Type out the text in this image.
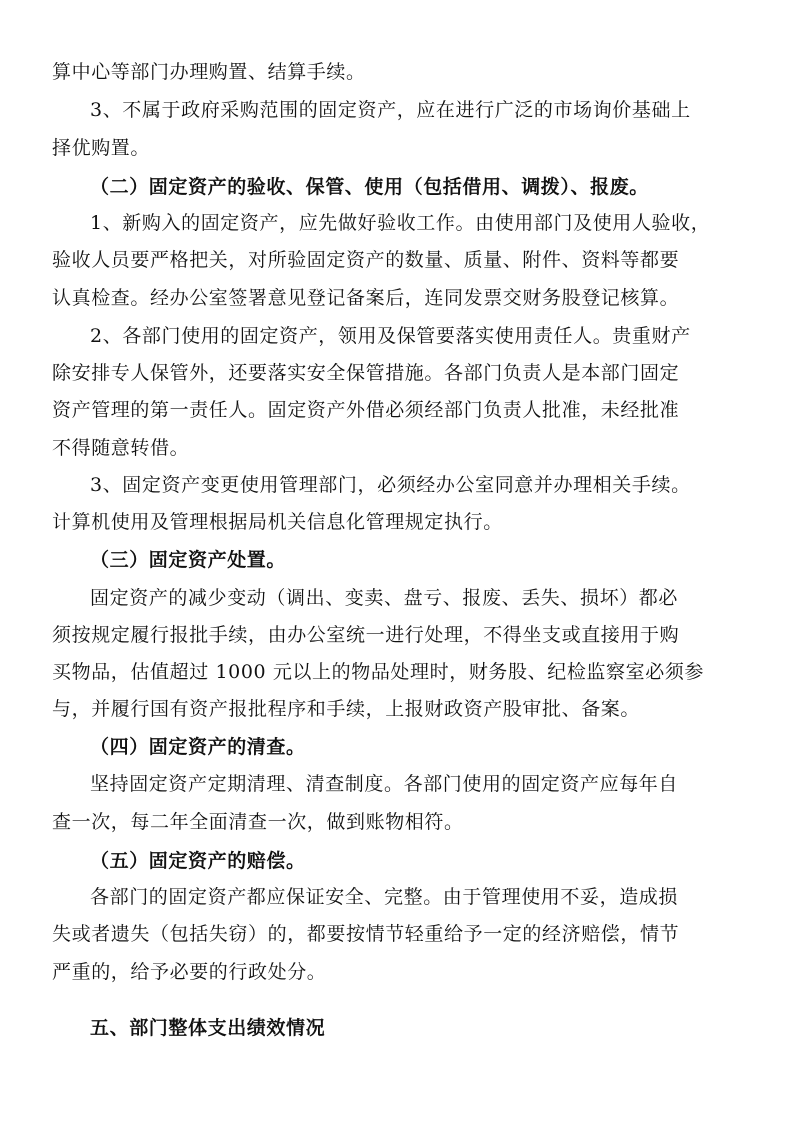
算中心等部门办理购置、结算手续。
3、不属于政府采购范围的固定资产，应在进行广泛的市场询价基础上
择优购置。
（二）固定资产的验收、保管、使用（包括借用、调拨）、报废。
1、新购入的固定资产，应先做好验收工作。由使用部门及使用人验收，
验收人员要严格把关，对所验固定资产的数量、质量、附件、资料等都要
认真检查。经办公室签署意见登记备案后，连同发票交财务股登记核算。
2、各部门使用的固定资产，领用及保管要落实使用责任人。贵重财产
除安排专人保管外，还要落实安全保管措施。各部门负责人是本部门固定
资产管理的第一责任人。固定资产外借必须经部门负责人批准，未经批准
不得随意转借。
3、固定资产变更使用管理部门，必须经办公室同意并办理相关手续。
计算机使用及管理根据局机关信息化管理规定执行。
（三）固定资产处置。
固定资产的减少变动（调出、变卖、盘亏、报废、丢失、损坏）都必
须按规定履行报批手续，由办公室统一进行处理，不得坐支或直接用于购
买物品，估值超过 1000 元以上的物品处理时，财务股、纪检监察室必须参
与，并履行国有资产报批程序和手续，上报财政资产股审批、备案。
（四）固定资产的清查。
坚持固定资产定期清理、清查制度。各部门使用的固定资产应每年自
查一次，每二年全面清查一次，做到账物相符。
（五）固定资产的赔偿。
各部门的固定资产都应保证安全、完整。由于管理使用不妥，造成损
失或者遗失（包括失窃）的，都要按情节轻重给予一定的经济赔偿，情节
严重的，给予必要的行政处分。
五、部门整体支出绩效情况
